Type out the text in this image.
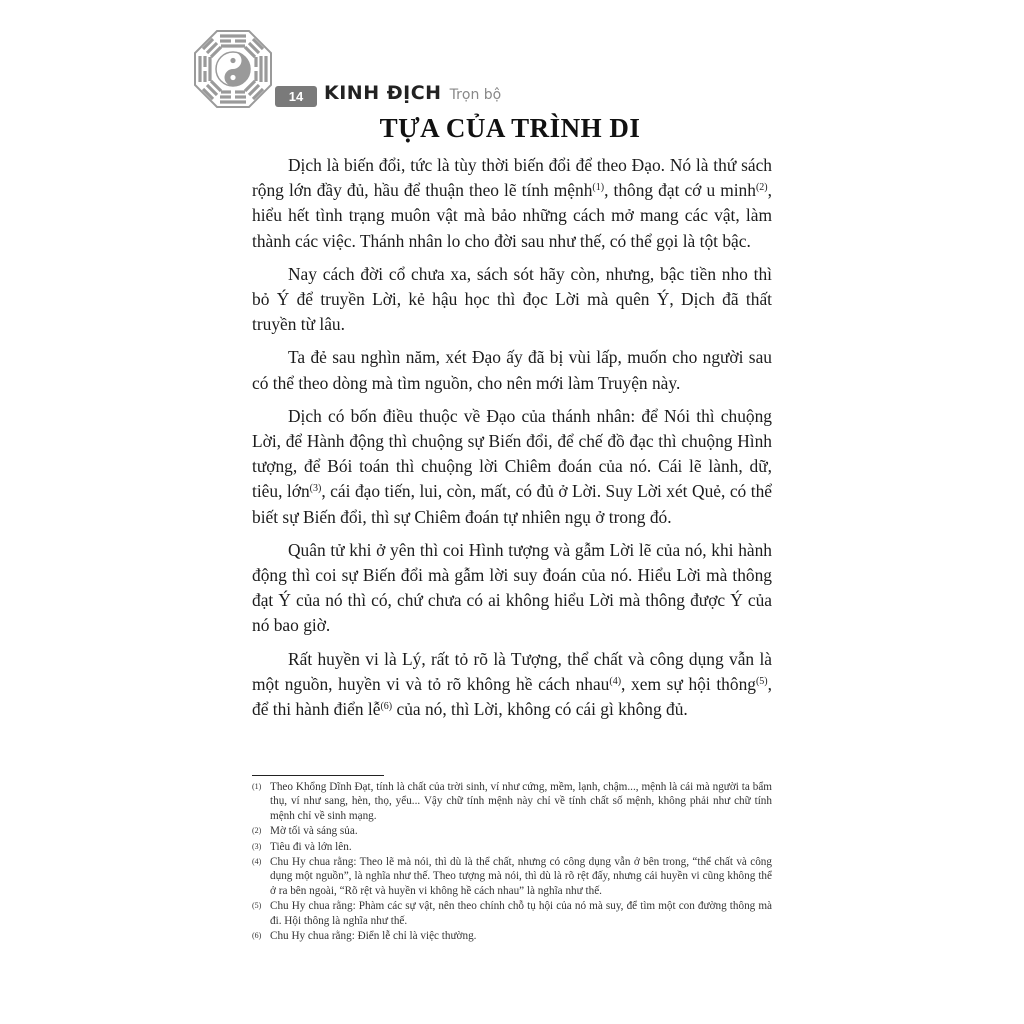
14	KINH ĐỊCH Trọn bộ
TỰA CỦA TRÌNH DI

Dịch là biến đổi, tức là tùy thời biến đổi để theo Đạo. Nó là thứ sách rộng lớn đầy đủ, hầu để thuận theo lẽ tính mệnh$^{(1)}$, thông đạt cớ u minh$^{(2)}$, hiểu hết tình trạng muôn vật mà bảo những cách mở mang các vật, làm thành các việc. Thánh nhân lo cho đời sau như thế, có thể gọi là tột bậc.

Nay cách đời cổ chưa xa, sách sót hãy còn, nhưng, bậc tiền nho thì bỏ Ý để truyền Lời, kẻ hậu học thì đọc Lời mà quên Ý, Dịch đã thất truyền từ lâu.

Ta đẻ sau nghìn năm, xét Đạo ấy đã bị vùi lấp, muốn cho người sau có thể theo dòng mà tìm nguồn, cho nên mới làm Truyện này.

Dịch có bốn điều thuộc về Đạo của thánh nhân: để Nói thì chuộng Lời, để Hành động thì chuộng sự Biến đổi, để chế đồ đạc thì chuộng Hình tượng, để Bói toán thì chuộng lời Chiêm đoán của nó. Cái lẽ lành, dữ, tiêu, lớn$^{(3)}$, cái đạo tiến, lui, còn, mất, có đủ ở Lời. Suy Lời xét Quẻ, có thể biết sự Biến đổi, thì sự Chiêm đoán tự nhiên ngụ ở trong đó.

Quân tử khi ở yên thì coi Hình tượng và gẫm Lời lẽ của nó, khi hành động thì coi sự Biến đổi mà gẫm lời suy đoán của nó. Hiểu Lời mà thông đạt Ý của nó thì có, chứ chưa có ai không hiểu Lời mà thông được Ý của nó bao giờ.

Rất huyền vi là Lý, rất tỏ rõ là Tượng, thể chất và công dụng vẫn là một nguồn, huyền vi và tỏ rõ không hề cách nhau$^{(4)}$, xem sự hội thông$^{(5)}$, để thi hành điển lễ$^{(6)}$ của nó, thì Lời, không có cái gì không đủ.

(1) Theo Khổng Dĩnh Đạt, tính là chất của trời sinh, ví như cứng, mềm, lạnh, chậm..., mệnh là cái mà người ta bẩm thụ, ví như sang, hèn, thọ, yểu... Vậy chữ tính mệnh này chỉ về tính chất số mệnh, không phải như chữ tính mệnh chỉ về sinh mạng.
(2) Mờ tối và sáng sủa.
(3) Tiêu đi và lớn lên.
(4) Chu Hy chua rằng: Theo lẽ mà nói, thì dù là thể chất, nhưng có công dụng vẫn ở bên trong, “thể chất và công dụng một nguồn”, là nghĩa như thế. Theo tượng mà nói, thì dù là rõ rệt đấy, nhưng cái huyền vi cũng không thể ở ra bên ngoài, “Rõ rệt và huyền vi không hề cách nhau” là nghĩa như thế.
(5) Chu Hy chua rằng: Phàm các sự vật, nên theo chính chỗ tụ hội của nó mà suy, để tìm một con đường thông mà đi. Hội thông là nghĩa như thế.
(6) Chu Hy chua rằng: Điển lễ chỉ là việc thường.
